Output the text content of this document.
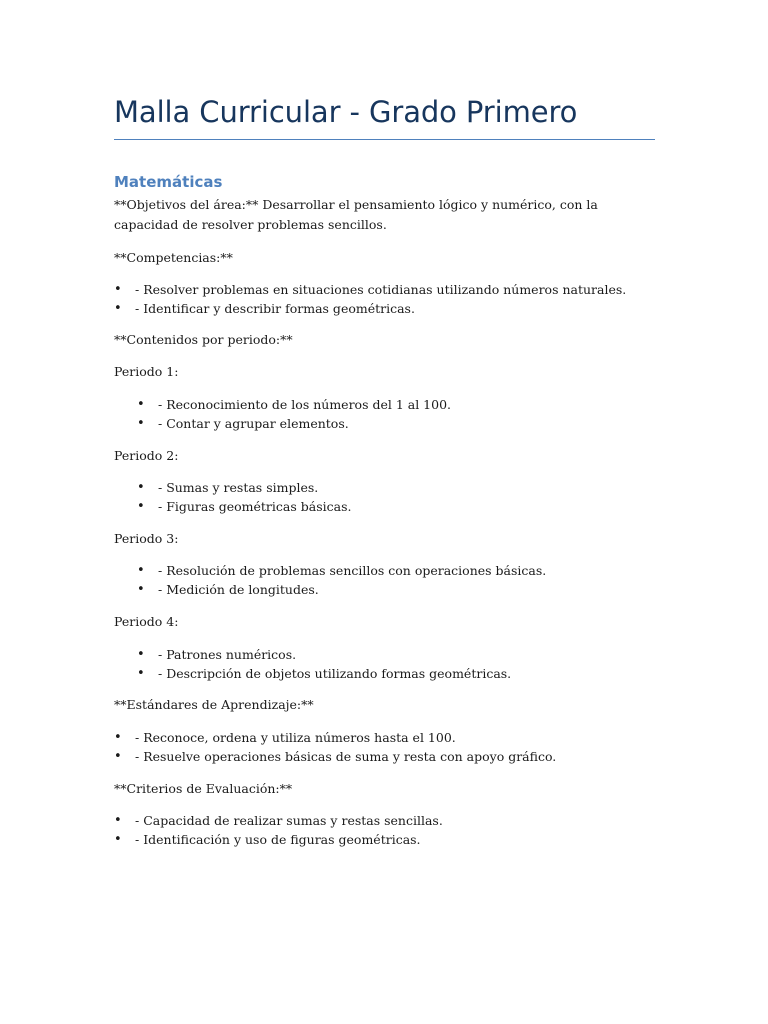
Malla Curricular - Grado Primero
Matemáticas

**Objetivos del área:** Desarrollar el pensamiento lógico y numérico, con la capacidad de resolver problemas sencillos.

**Competencias:**

• - Resolver problemas en situaciones cotidianas utilizando números naturales.
• - Identificar y describir formas geométricas.

**Contenidos por periodo:**

Periodo 1:

• - Reconocimiento de los números del 1 al 100.
• - Contar y agrupar elementos.

Periodo 2:

• - Sumas y restas simples.
• - Figuras geométricas básicas.

Periodo 3:

• - Resolución de problemas sencillos con operaciones básicas.
• - Medición de longitudes.

Periodo 4:

• - Patrones numéricos.
• - Descripción de objetos utilizando formas geométricas.

**Estándares de Aprendizaje:**

• - Reconoce, ordena y utiliza números hasta el 100.
• - Resuelve operaciones básicas de suma y resta con apoyo gráfico.

**Criterios de Evaluación:**

• - Capacidad de realizar sumas y restas sencillas.
• - Identificación y uso de figuras geométricas.
